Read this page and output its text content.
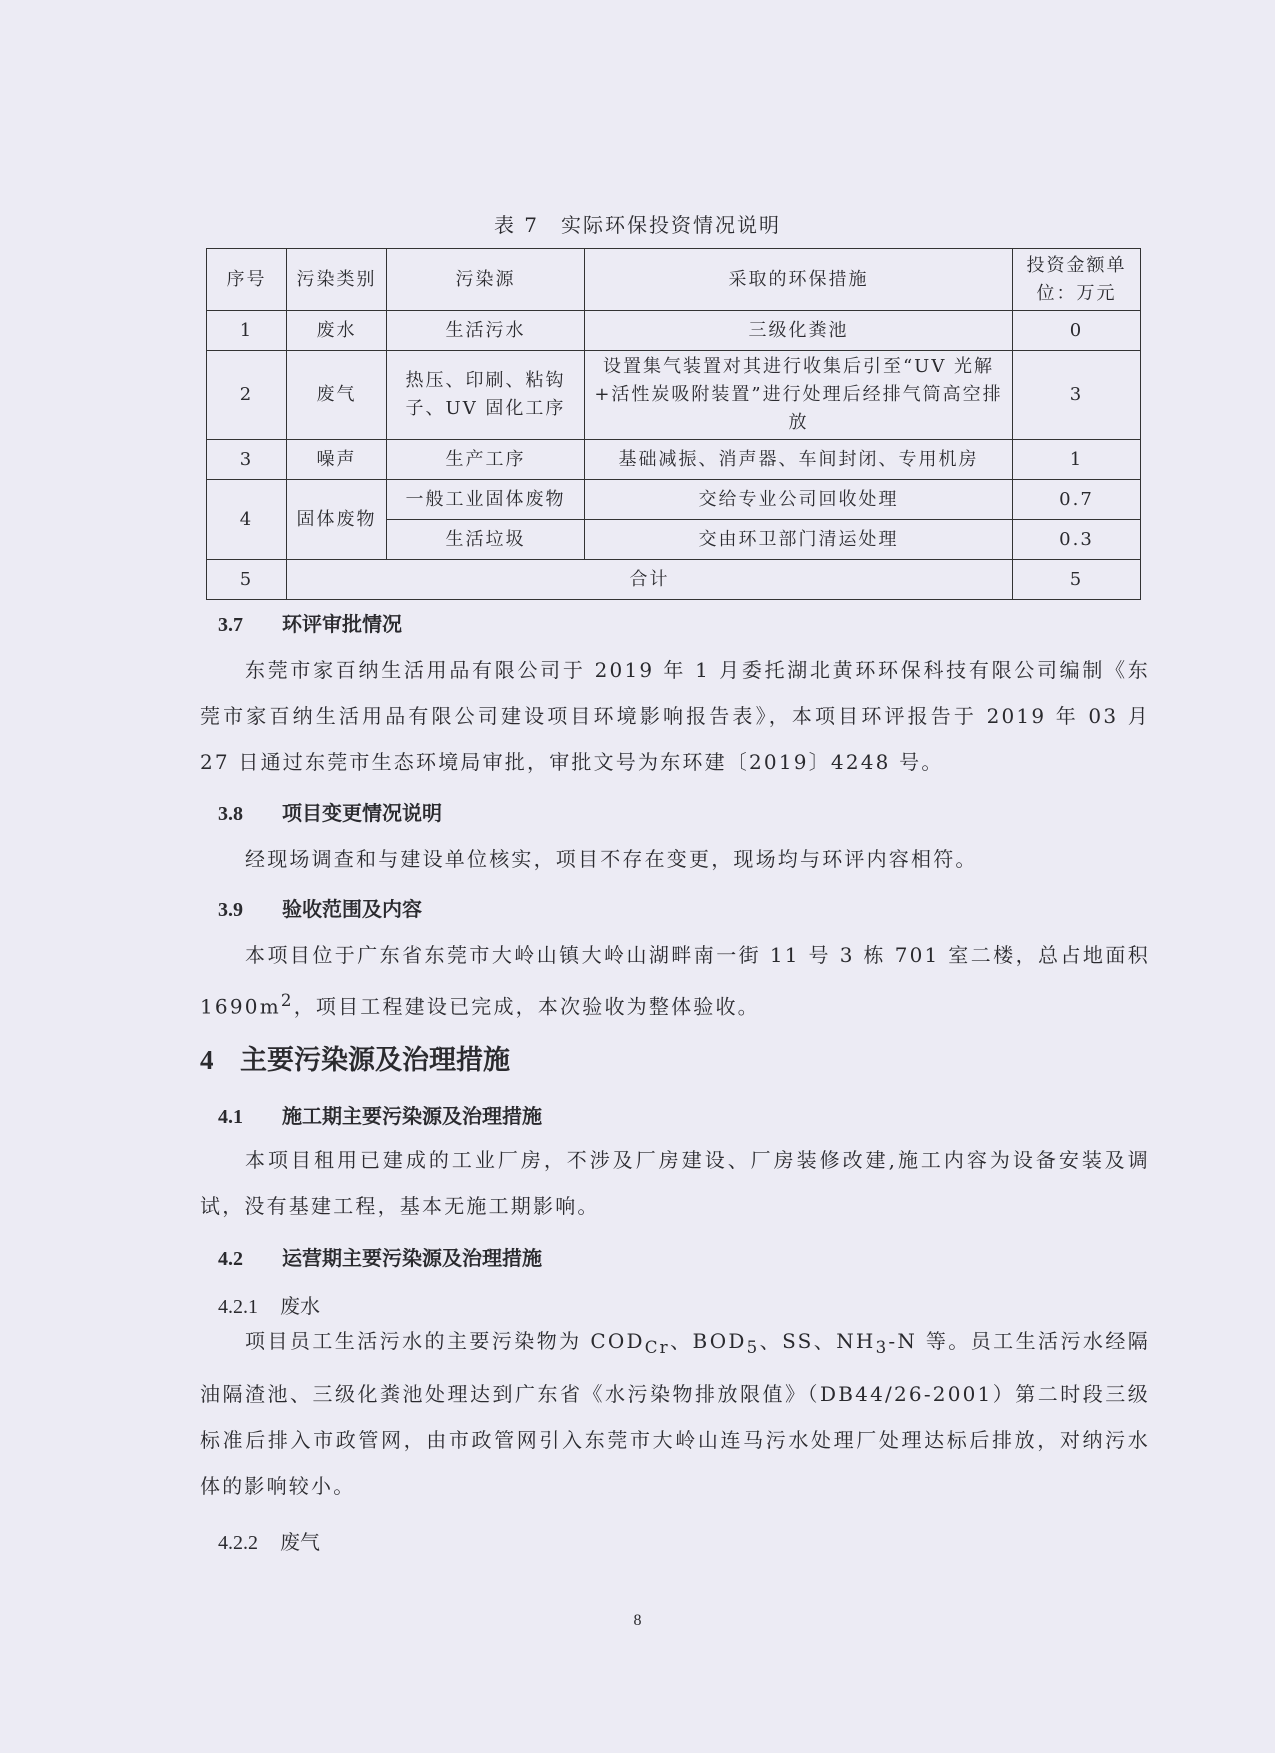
表 7　实际环保投资情况说明
序号	污染类别	污染源	采取的环保措施	投资金额单位：万元
1	废水	生活污水	三级化粪池	0
2	废气	热压、印刷、粘钩子、UV 固化工序	设置集气装置对其进行收集后引至“UV 光解+活性炭吸附装置”进行处理后经排气筒高空排放	3
3	噪声	生产工序	基础减振、消声器、车间封闭、专用机房	1
4	固体废物	一般工业固体废物	交给专业公司回收处理	0.7
		生活垃圾	交由环卫部门清运处理	0.3
5	合计			5
3.7 环评审批情况
东莞市家百纳生活用品有限公司于 2019 年 1 月委托湖北黄环环保科技有限公司编制《东莞市家百纳生活用品有限公司建设项目环境影响报告表》，本项目环评报告于 2019 年 03 月 27 日通过东莞市生态环境局审批，审批文号为东环建〔2019〕4248 号。
3.8 项目变更情况说明
经现场调查和与建设单位核实，项目不存在变更，现场均与环评内容相符。
3.9 验收范围及内容
本项目位于广东省东莞市大岭山镇大岭山湖畔南一街 11 号 3 栋 701 室二楼，总占地面积 $1690m^2$，项目工程建设已完成，本次验收为整体验收。
4 主要污染源及治理措施
4.1 施工期主要污染源及治理措施
本项目租用已建成的工业厂房，不涉及厂房建设、厂房装修改建,施工内容为设备安装及调试，没有基建工程，基本无施工期影响。
4.2 运营期主要污染源及治理措施
4.2.1 废水
项目员工生活污水的主要污染物为 $COD_{Cr}$、$BOD_5$、SS、$NH_3-N$ 等。员工生活污水经隔油隔渣池、三级化粪池处理达到广东省《水污染物排放限值》（DB44/26-2001）第二时段三级标准后排入市政管网，由市政管网引入东莞市大岭山连马污水处理厂处理达标后排放，对纳污水体的影响较小。
4.2.2 废气
8
